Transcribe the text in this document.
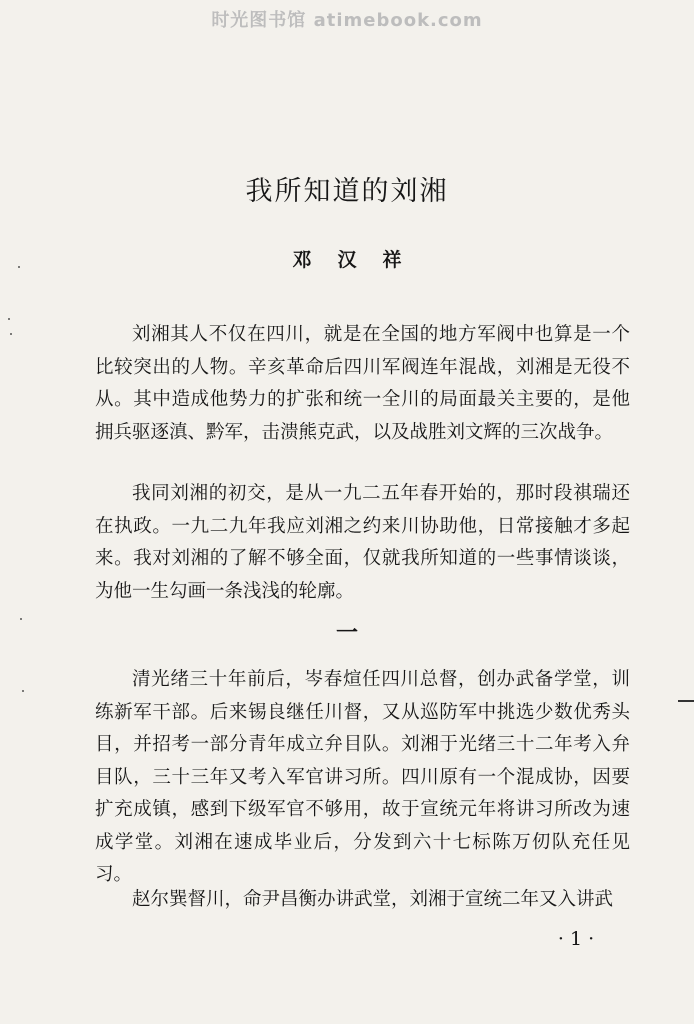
时光图书馆 atimebook.com
我所知道的刘湘
邓汉祥

刘湘其人不仅在四川，就是在全国的地方军阀中也算是一个比较突出的人物。辛亥革命后四川军阀连年混战，刘湘是无役不从。其中造成他势力的扩张和统一全川的局面最关主要的，是他拥兵驱逐滇、黔军，击溃熊克武，以及战胜刘文辉的三次战争。

我同刘湘的初交，是从一九二五年春开始的，那时段祺瑞还在执政。一九二九年我应刘湘之约来川协助他，日常接触才多起来。我对刘湘的了解不够全面，仅就我所知道的一些事情谈谈，为他一生勾画一条浅浅的轮廓。

一

清光绪三十年前后，岑春煊任四川总督，创办武备学堂，训练新军干部。后来锡良继任川督，又从巡防军中挑选少数优秀头目，并招考一部分青年成立弁目队。刘湘于光绪三十二年考入弁目队，三十三年又考入军官讲习所。四川原有一个混成协，因要扩充成镇，感到下级军官不够用，故于宣统元年将讲习所改为速成学堂。刘湘在速成毕业后，分发到六十七标陈万仞队充任见习。

赵尔巽督川，命尹昌衡办讲武堂，刘湘于宣统二年又入讲武

· 1 ·
